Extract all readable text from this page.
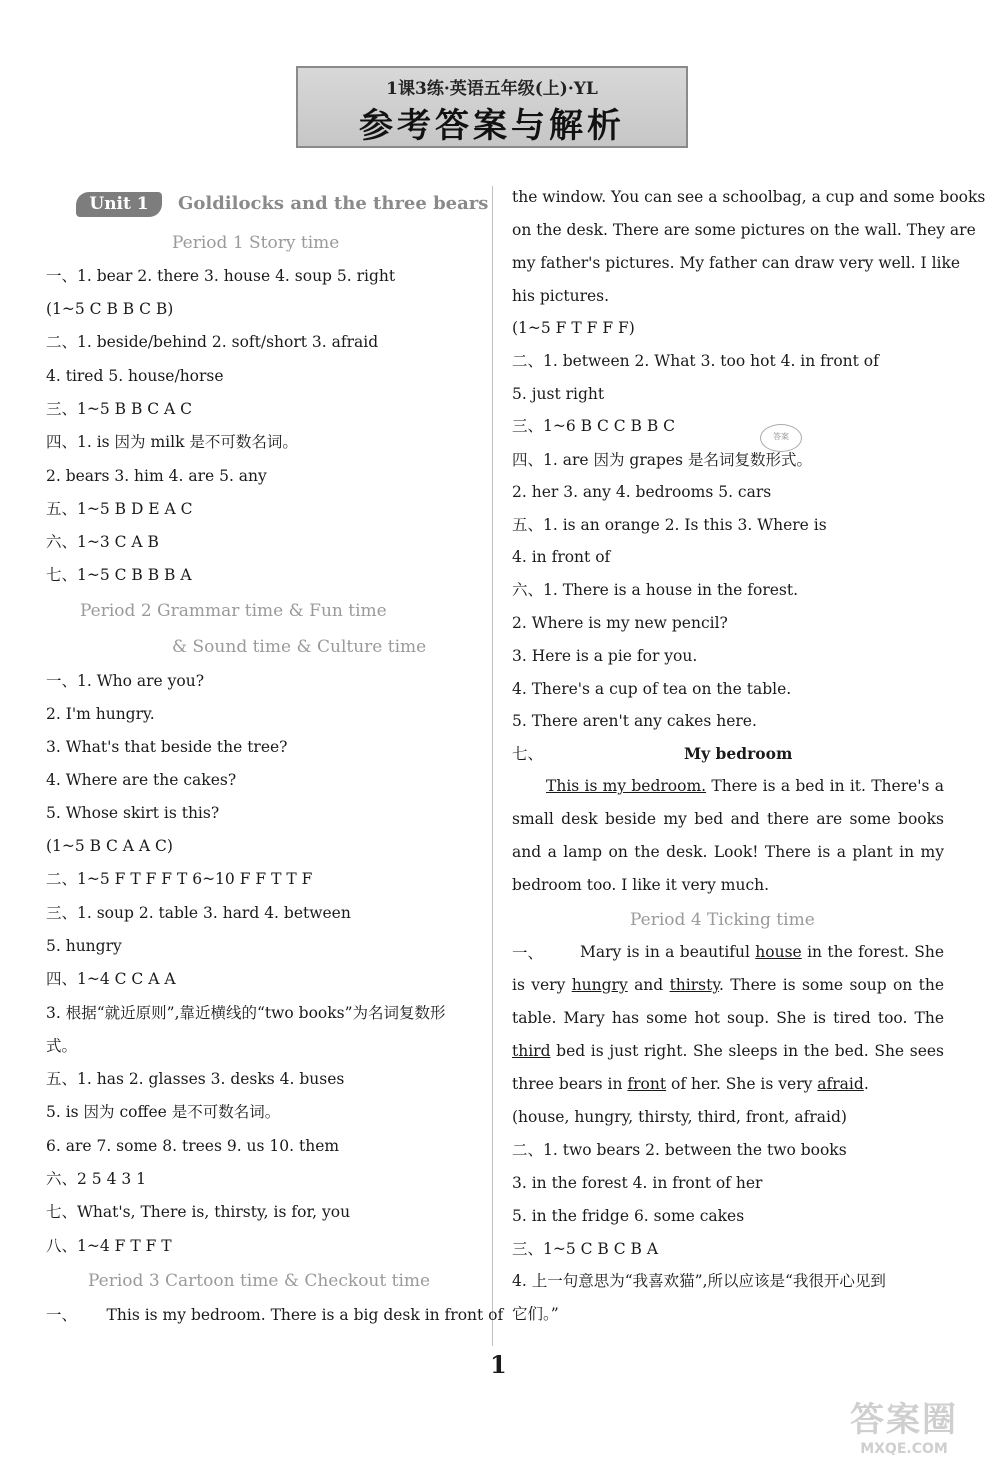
1课3练·英语五年级(上)·YL
参考答案与解析
Unit 1	Goldilocks and the three bears
Period 1 Story time
一、1. bear 2. there 3. house 4. soup 5. right
(1~5 C B B C B)
二、1. beside/behind 2. soft/short 3. afraid
4. tired 5. house/horse
三、1~5 B B C A C
四、1. is 因为 milk 是不可数名词。
2. bears 3. him 4. are 5. any
五、1~5 B D E A C
六、1~3 C A B
七、1~5 C B B B A
Period 2 Grammar time & Fun time
& Sound time & Culture time
一、1. Who are you?
2. I'm hungry.
3. What's that beside the tree?
4. Where are the cakes?
5. Whose skirt is this?
(1~5 B C A A C)
二、1~5 F T F F T 6~10 F F T T F
三、1. soup 2. table 3. hard 4. between
5. hungry
四、1~4 C C A A
3. 根据“就近原则”,靠近横线的“two books”为名词复数形
式。
五、1. has 2. glasses 3. desks 4. buses
5. is 因为 coffee 是不可数名词。
6. are 7. some 8. trees 9. us 10. them
六、2 5 4 3 1
七、What's, There is, thirsty, is for, you
八、1~4 F T F T
Period 3 Cartoon time & Checkout time
一、      This is my bedroom. There is a big desk in front of
the window. You can see a schoolbag, a cup and some books
on the desk. There are some pictures on the wall. They are
my father's pictures. My father can draw very well. I like
his pictures.
(1~5 F T F F F)
二、1. between 2. What 3. too hot 4. in front of
5. just right
三、1~6 B C C B B C
四、1. are 因为 grapes 是名词复数形式。
2. her 3. any 4. bedrooms 5. cars
五、1. is an orange 2. Is this 3. Where is
4. in front of
六、1. There is a house in the forest.
2. Where is my new pencil?
3. Here is a pie for you.
4. There's a cup of tea on the table.
5. There aren't any cakes here.
答案
七、	My bedroom
This is my bedroom. There is a bed in it. There's a small desk beside my bed and there are some books and a lamp on the desk. Look! There is a plant in my bedroom too. I like it very much.
Period 4 Ticking time
一、	Mary is in a beautiful house in the forest. She is very hungry and thirsty. There is some soup on the table. Mary has some hot soup. She is tired too. The third bed is just right. She sleeps in the bed. She sees three bears in front of her. She is very afraid.
(house, hungry, thirsty, third, front, afraid)
二、1. two bears 2. between the two books
3. in the forest 4. in front of her
5. in the fridge 6. some cakes
三、1~5 C B C B A
4. 上一句意思为“我喜欢猫”,所以应该是“我很开心见到
它们。”
1
答案圈
MXQE.COM
